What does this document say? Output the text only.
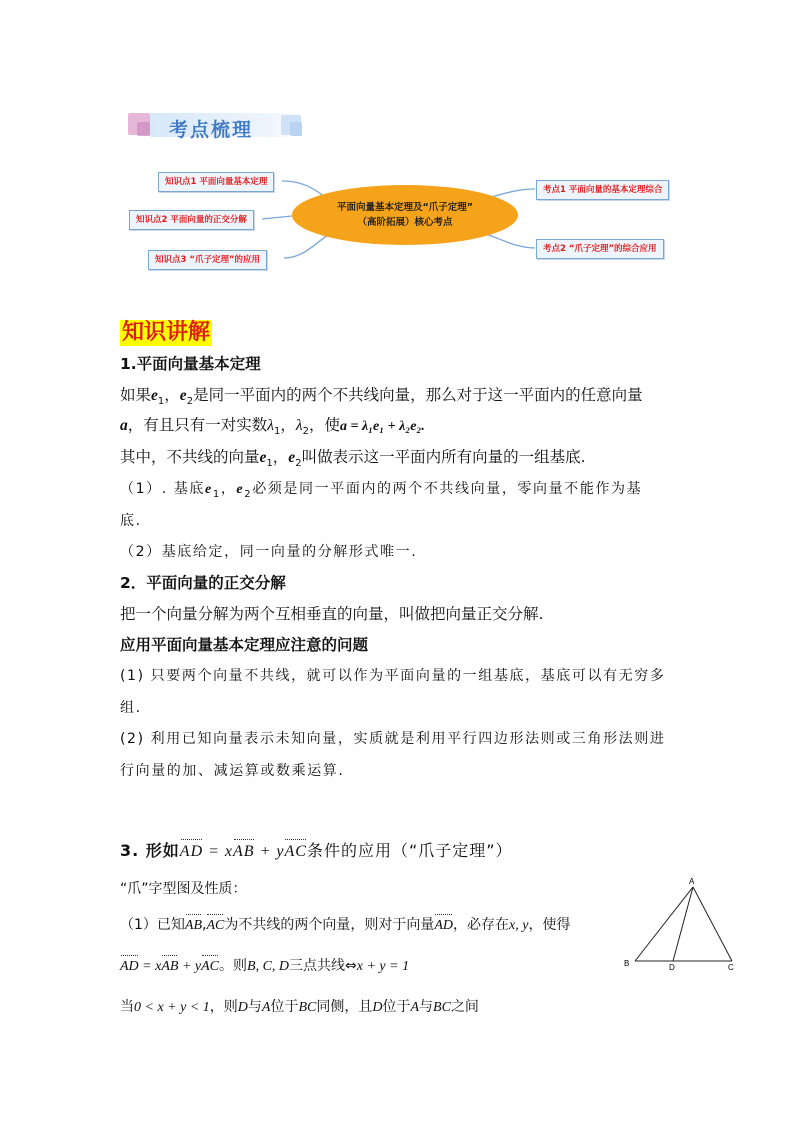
考点梳理
知识点1 平面向量基本定理
知识点2 平面向量的正交分解
知识点3 “爪子定理”的应用
平面向量基本定理及“爪子定理”
（高阶拓展）核心考点
考点1 平面向量的基本定理综合
考点2 “爪子定理”的综合应用
知识讲解
1.平面向量基本定理
如果$e_1$，$e_2$是同一平面内的两个不共线向量，那么对于这一平面内的任意向量
a，有且只有一对实数$\lambda_1$，$\lambda_2$，使a = λ₁e₁ + λ₂e₂.
其中，不共线的向量$e_1$，$e_2$叫做表示这一平面内所有向量的一组基底.
（1）. 基底$e_1$，$e_2$必须是同一平面内的两个不共线向量，零向量不能作为基
底.
（2）基底给定，同一向量的分解形式唯一.
2．平面向量的正交分解
把一个向量分解为两个互相垂直的向量，叫做把向量正交分解.
应用平面向量基本定理应注意的问题
(1) 只要两个向量不共线，就可以作为平面向量的一组基底，基底可以有无穷多
组.
(2) 利用已知向量表示未知向量，实质就是利用平行四边形法则或三角形法则进
行向量的加、减运算或数乘运算.
3. 形如AD = xAB + yAC条件的应用（“爪子定理”）
“爪”字型图及性质：
（1）已知AB,AC为不共线的两个向量，则对于向量AD，必存在x, y，使得
AD = xAB + yAC。则B, C, D三点共线⇔x + y = 1
当0 < x + y < 1，则D与A位于BC同侧，且D位于A与BC之间
A
B	D	C
